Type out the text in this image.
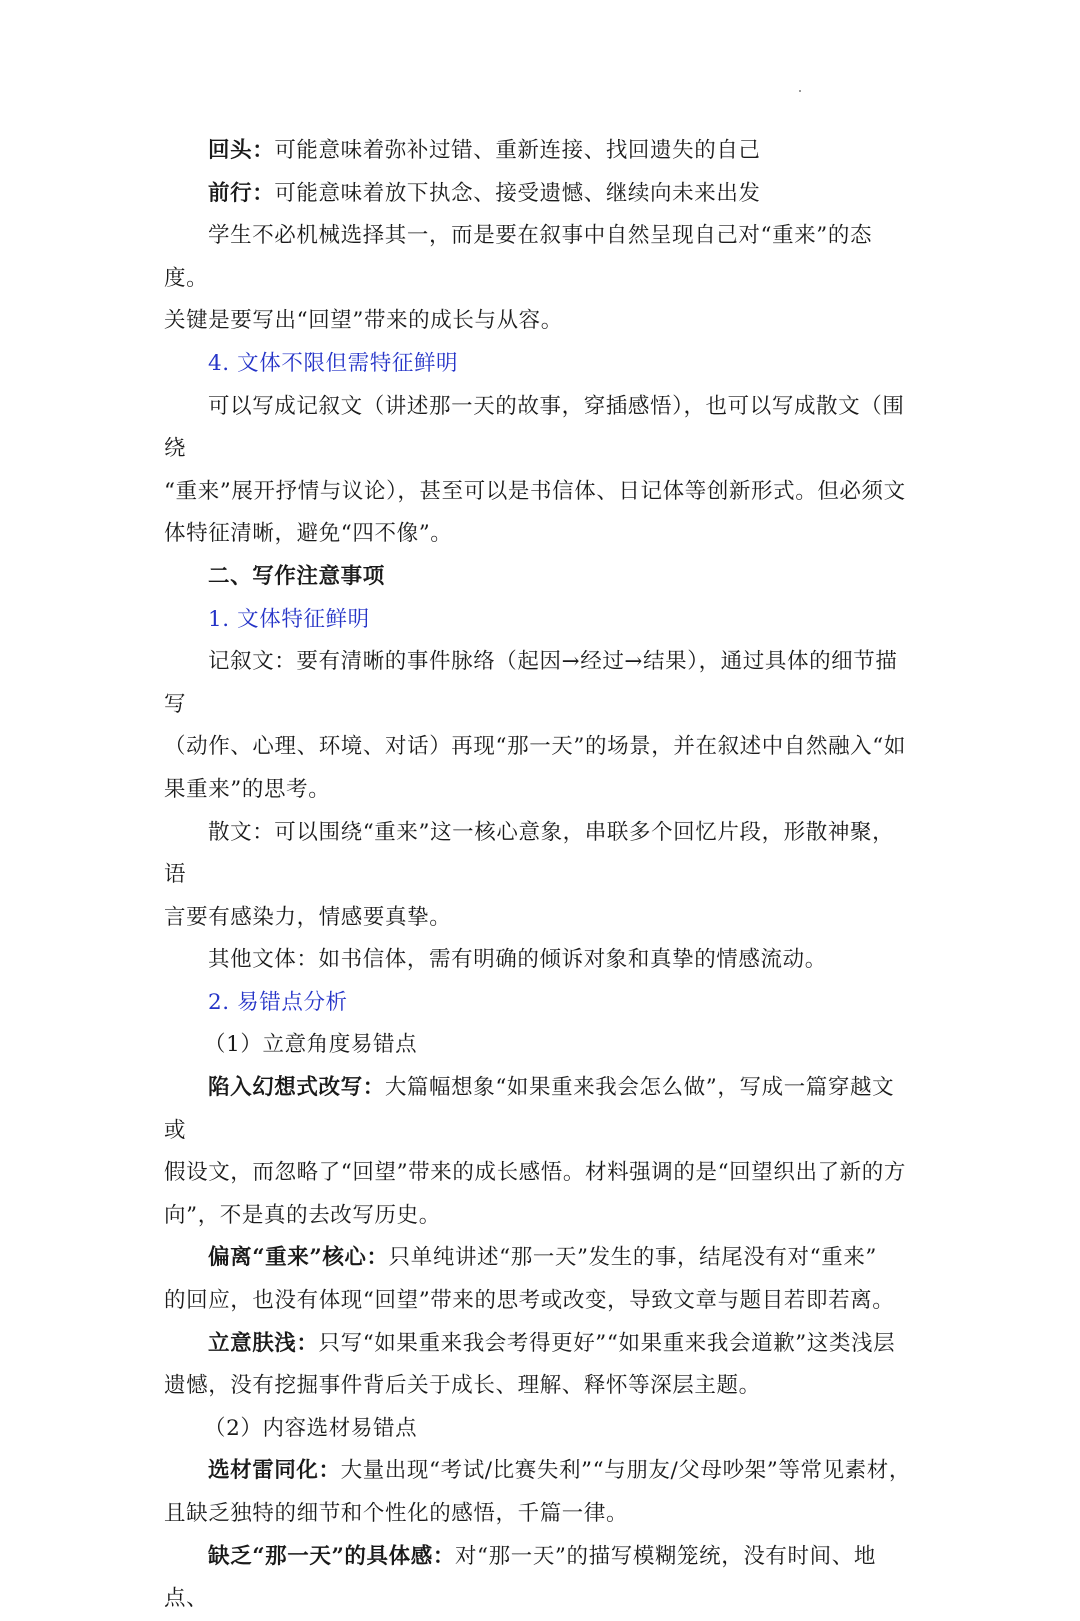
回头：可能意味着弥补过错、重新连接、找回遗失的自己

前行：可能意味着放下执念、接受遗憾、继续向未来出发

学生不必机械选择其一，而是要在叙事中自然呈现自己对“重来”的态度。

关键是要写出“回望”带来的成长与从容。

4. 文体不限但需特征鲜明

可以写成记叙文（讲述那一天的故事，穿插感悟），也可以写成散文（围绕

“重来”展开抒情与议论），甚至可以是书信体、日记体等创新形式。但必须文

体特征清晰，避免“四不像”。

二、写作注意事项

1. 文体特征鲜明

记叙文：要有清晰的事件脉络（起因→经过→结果），通过具体的细节描写

（动作、心理、环境、对话）再现“那一天”的场景，并在叙述中自然融入“如

果重来”的思考。

散文：可以围绕“重来”这一核心意象，串联多个回忆片段，形散神聚，语

言要有感染力，情感要真挚。

其他文体：如书信体，需有明确的倾诉对象和真挚的情感流动。

2. 易错点分析

（1）立意角度易错点

陷入幻想式改写：大篇幅想象“如果重来我会怎么做”，写成一篇穿越文或

假设文，而忽略了“回望”带来的成长感悟。材料强调的是“回望织出了新的方

向”，不是真的去改写历史。

偏离“重来”核心：只单纯讲述“那一天”发生的事，结尾没有对“重来”

的回应，也没有体现“回望”带来的思考或改变，导致文章与题目若即若离。

立意肤浅：只写“如果重来我会考得更好”“如果重来我会道歉”这类浅层

遗憾，没有挖掘事件背后关于成长、理解、释怀等深层主题。

（2）内容选材易错点

选材雷同化：大量出现“考试/比赛失利”“与朋友/父母吵架”等常见素材，

且缺乏独特的细节和个性化的感悟，千篇一律。

缺乏“那一天”的具体感：对“那一天”的描写模糊笼统，没有时间、地点、
